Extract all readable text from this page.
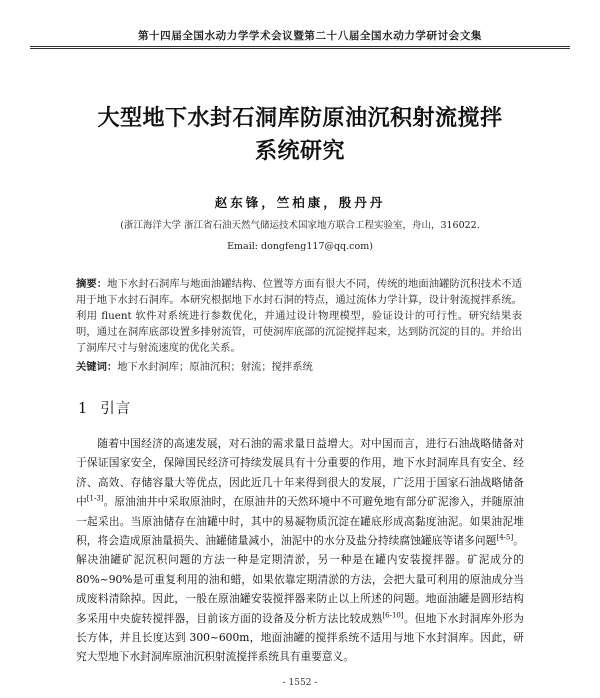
第十四届全国水动力学学术会议暨第二十八届全国水动力学研讨会文集
大型地下水封石洞库防原油沉积射流搅拌
系统研究
赵东锋，竺柏康，殷丹丹
(浙江海洋大学 浙江省石油天然气储运技术国家地方联合工程实验室，舟山，316022.
Email: dongfeng117@qq.com)
摘要：地下水封石洞库与地面油罐结构、位置等方面有很大不同，传统的地面油罐防沉积技术不适用于地下水封石洞库。本研究根据地下水封石洞的特点，通过流体力学计算，设计射流搅拌系统。利用 fluent 软件对系统进行参数优化，并通过设计物理模型，验证设计的可行性。研究结果表明，通过在洞库底部设置多排射流管，可使洞库底部的沉淀搅拌起来，达到防沉淀的目的。并给出了洞库尺寸与射流速度的优化关系。
关键词：地下水封洞库；原油沉积；射流；搅拌系统
1 引言

随着中国经济的高速发展，对石油的需求量日益增大。对中国而言，进行石油战略储备对于保证国家安全，保障国民经济可持续发展具有十分重要的作用，地下水封洞库具有安全、经济、高效、存储容量大等优点，因此近几十年来得到很大的发展，广泛用于国家石油战略储备中[1-3]。原油油井中采取原油时，在原油井的天然环境中不可避免地有部分矿泥渗入，并随原油一起采出。当原油储存在油罐中时，其中的易凝物质沉淀在罐底形成高黏度油泥。如果油泥堆积，将会造成原油量损失、油罐储量减小，油泥中的水分及盐分持续腐蚀罐底等诸多问题[4-5]。解决油罐矿泥沉积问题的方法一种是定期清淤，另一种是在罐内安装搅拌器。矿泥成分的 80%~90%是可重复利用的油和蜡，如果依靠定期清淤的方法，会把大量可利用的原油成分当成废料清除掉。因此，一般在原油罐安装搅拌器来防止以上所述的问题。地面油罐是圆形结构多采用中央旋转搅拌器，目前该方面的设备及分析方法比较成熟[6-10]。但地下水封洞库外形为长方体，并且长度达到 300~600m，地面油罐的搅拌系统不适用与地下水封洞库。因此，研究大型地下水封洞库原油沉积射流搅拌系统具有重要意义。

- 1552 -
